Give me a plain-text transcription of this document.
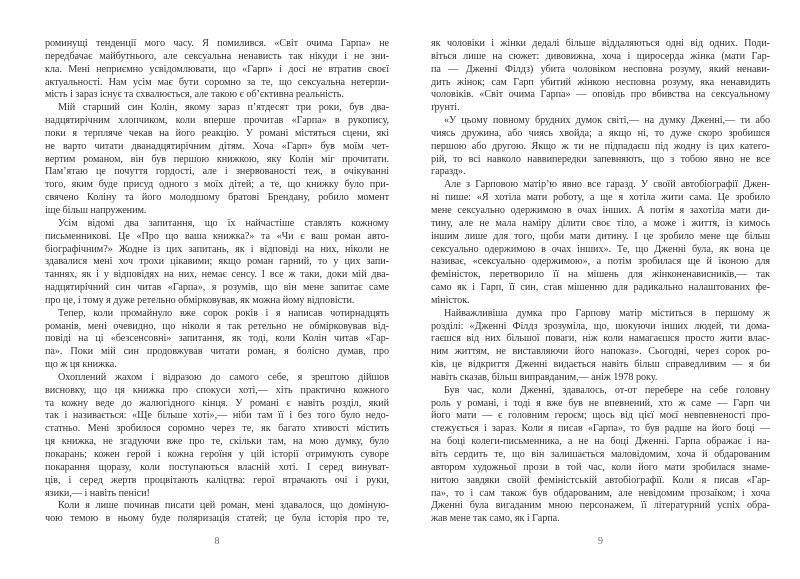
роминущі тенденції мого часу. Я помилився. «Світ очима Гарпа» не
передбачає майбутнього, але сексуальна ненависть так нікуди і не зни-
кла. Мені неприємно усвідомлювати, що «Гарп» і досі не втратив своєї
актуальності. Нам усім має бути соромно за те, що сексуальна нетерпи-
мість і зараз існує та схвалюється, але такою є об’єктивна реальність.
Мій старший син Колін, якому зараз п’ятдесят три роки, був два-
надцятирічним хлопчиком, коли вперше прочитав «Гарпа» в рукопису,
поки я терпляче чекав на його реакцію. У романі містяться сцени, які
не варто читати дванадцятирічним дітям. Хоча «Гарп» був моїм чет-
вертим романом, він був першою книжкою, яку Колін міг прочитати.
Пам’ятаю це почуття гордості, але і знервованості теж, в очікуванні
того, яким буде присуд одного з моїх дітей; а те, що книжку було при-
свячено Коліну та його молодшому братові Брендану, робило момент
іще більш напруженим.
Усім відомі два запитання, що їх найчастіше ставлять кожному
письменникові. Це «Про що ваша книжка?» та «Чи є ваш роман авто-
біографічним?» Жодне із цих запитань, як і відповіді на них, ніколи не
здавалися мені хоч трохи цікавими; якщо роман гарний, то у цих запи-
таннях, як і у відповідях на них, немає сенсу. І все ж таки, доки мій два-
надцятирічний син читав «Гарпа», я розумів, що він мене запитає саме
про це, і тому я дуже ретельно обмірковував, як можна йому відповісти.
Тепер, коли промайнуло вже сорок років і я написав чотирнадцять
романів, мені очевидно, що ніколи я так ретельно не обмірковував від-
повіді на ці «безсенсовні» запитання, як тоді, коли Колін читав «Гар-
па». Поки мій син продовжував читати роман, я болісно думав, про
що ж ця книжка.
Охоплений жахом і відразою до самого себе, я зрештою дійшов
висновку, що ця книжка про спокуси хоті,— хіть практично кожного
та кожну веде до жалюгідного кінця. У романі є навіть розділ, який
так і називається: «Ще більше хоті»,— ніби там її і без того було недо-
статньо. Мені зробилося соромно через те, як багато хтивості містить
ця книжка, не згадуючи вже про те, скільки там, на мою думку, було
покарань; кожен герой і кожна героїня у цій історії отримують суворе
покарання щоразу, коли поступаються власній хоті. І серед винуват-
ців, і серед жертв процвітають каліцтва: герої втрачають очі і руки,
язики,— і навіть пеніси!
Коли я лише починав писати цей роман, мені здавалося, що доміную-
чою темою в ньому буде поляризація статей; це була історія про те,
як чоловіки і жінки дедалі більше віддаляються одні від одних. Поди-
віться лише на сюжет: дивовижна, хоча і щиросерда жінка (мати Гар-
па — Дженні Філдз) убита чоловіком несповна розуму, який ненави-
дить жінок; сам Гарп убитий жінкою несповна розуму, яка ненавидить
чоловіків. «Світ очима Гарпа» — оповідь про вбивства на сексуальному
ґрунті.
«У цьому повному брудних думок світі,— на думку Дженні,— ти або
чиясь дружина, або чиясь хвойда; а якщо ні, то дуже скоро зробишся
першою або другою. Якщо ж ти не підпадаєш під жодну із цих катего-
рій, то всі навколо наввипередки запевняють, що з тобою явно не все
гаразд».
Але з Гарповою матір’ю явно все гаразд. У своїй автобіографії Джен-
ні пише: «Я хотіла мати роботу, а ще я хотіла жити сама. Це зробило
мене сексуально одержимою в очах інших. А потім я захотіла мати ди-
тину, але не мала наміру ділити своє тіло, а може і життя, із кимось
іншим лише для того, щоби мати дитину. І це зробило мене ще більш
сексуально одержимою в очах інших». Те, що Дженні була, як вона це
називає, «сексуально одержимою», а потім зробилася ще й іконою для
феміністок, перетворило її на мішень для жінконенависників,— так
само як і Гарп, її син, став мішенню для радикально налаштованих фе-
міністок.
Найважливіша думка про Гарпову матір міститься в першому ж
розділі: «Дженні Філдз зрозуміла, що, шокуючи інших людей, ти дома-
гаєшся від них більшої поваги, ніж коли намагаєшся просто жити влас-
ним життям, не виставляючи його напоказ». Сьогодні, через сорок ро-
ків, це відкриття Дженні видається навіть більш справедливим — я би
навіть сказав, більш виправданим,— аніж 1978 року.
Був час, коли Дженні, здавалось, от-от перебере на себе головну
роль у романі, і тоді я вже був не впевнений, хто ж саме — Гарп чи
його мати — є головним героєм; щось від цієї моєї невпевненості про-
стежується і зараз. Коли я писав «Гарпа», то був радше на його боці —
на боці колеги-письменника, а не на боці Дженні. Гарпа ображає і на-
віть сердить те, що він залишається маловідомим, хоча й обдарованим
автором художньої прози в той час, коли його мати зробилася знаме-
нитою завдяки своїй феміністській автобіографії. Коли я писав «Гар-
па», то і сам також був обдарованим, але невідомим прозаїком; і хоча
Дженні була вигаданим мною персонажем, її літературний успіх обра-
жав мене так само, як і Гарпа.
8	9
